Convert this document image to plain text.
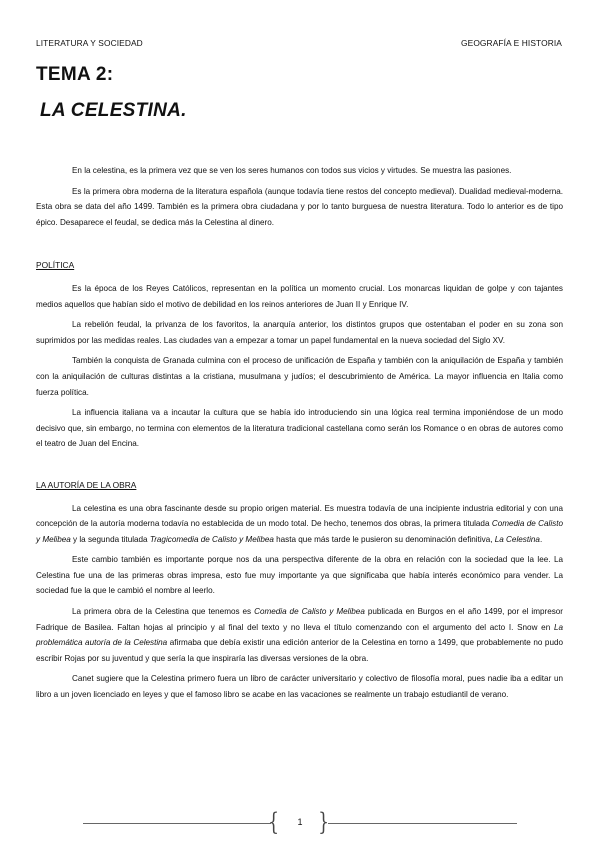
LITERATURA Y SOCIEDAD	GEOGRAFÍA E HISTORIA
TEMA 2:
LA CELESTINA.

En la celestina, es la primera vez que se ven los seres humanos con todos sus vicios y virtudes. Se muestra las pasiones.

Es la primera obra moderna de la literatura española (aunque todavía tiene restos del concepto medieval). Dualidad medieval-moderna. Esta obra se data del año 1499. También es la primera obra ciudadana y por lo tanto burguesa de nuestra literatura. Todo lo anterior es de tipo épico. Desaparece el feudal, se dedica más la Celestina al dinero.

POLÍTICA

Es la época de los Reyes Católicos, representan en la política un momento crucial. Los monarcas liquidan de golpe y con tajantes medios aquellos que habían sido el motivo de debilidad en los reinos anteriores de Juan II y Enrique IV.

La rebelión feudal, la privanza de los favoritos, la anarquía anterior, los distintos grupos que ostentaban el poder en su zona son suprimidos por las medidas reales. Las ciudades van a empezar a tomar un papel fundamental en la nueva sociedad del Siglo XV.

También la conquista de Granada culmina con el proceso de unificación de España y también con la aniquilación de España y también con la aniquilación de culturas distintas a la cristiana, musulmana y judíos; el descubrimiento de América. La mayor influencia en Italia como fuerza política.

La influencia italiana va a incautar la cultura que se había ido introduciendo sin una lógica real termina imponiéndose de un modo decisivo que, sin embargo, no termina con elementos de la literatura tradicional castellana como serán los Romance o en obras de autores como el teatro de Juan del Encina.

LA AUTORÍA DE LA OBRA

La celestina es una obra fascinante desde su propio origen material. Es muestra todavía de una incipiente industria editorial y con una concepción de la autoría moderna todavía no establecida de un modo total. De hecho, tenemos dos obras, la primera titulada Comedia de Calisto y Melibea y la segunda titulada Tragicomedia de Calisto y Melibea hasta que más tarde le pusieron su denominación definitiva, La Celestina.

Este cambio también es importante porque nos da una perspectiva diferente de la obra en relación con la sociedad que la lee. La Celestina fue una de las primeras obras impresa, esto fue muy importante ya que significaba que había interés económico para vender. La sociedad fue la que le cambió el nombre al leerlo.

La primera obra de la Celestina que tenemos es Comedia de Calisto y Melibea publicada en Burgos en el año 1499, por el impresor Fadrique de Basilea. Faltan hojas al principio y al final del texto y no lleva el título comenzando con el argumento del acto I. Snow en La problemática autoría de la Celestina afirmaba que debía existir una edición anterior de la Celestina en torno a 1499, que probablemente no pudo escribir Rojas por su juventud y que sería la que inspiraría las diversas versiones de la obra.

Canet sugiere que la Celestina primero fuera un libro de carácter universitario y colectivo de filosofía moral, pues nadie iba a editar un libro a un joven licenciado en leyes y que el famoso libro se acabe en las vacaciones se realmente un trabajo estudiantil de verano.

{	1 }
